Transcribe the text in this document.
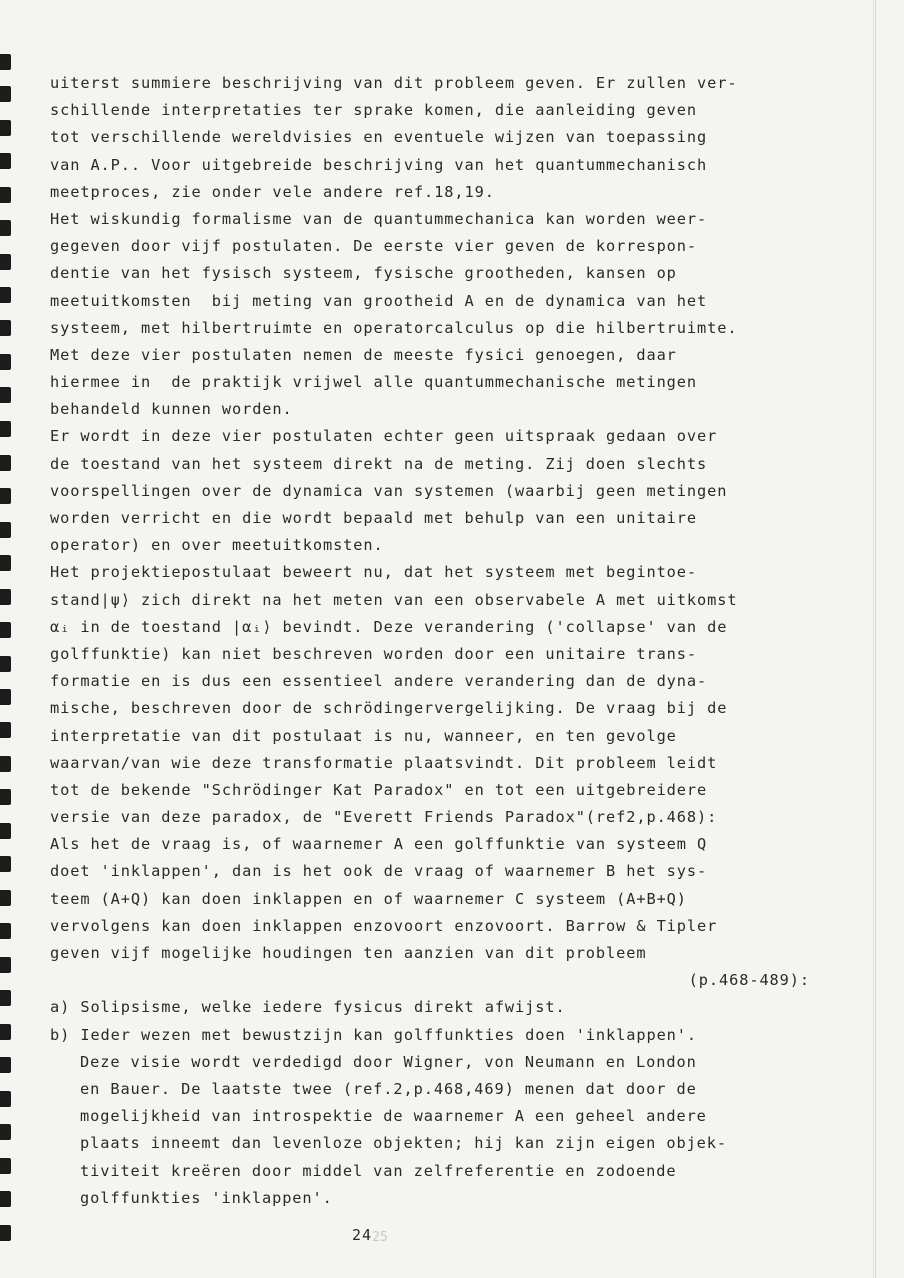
uiterst summiere beschrijving van dit probleem geven. Er zullen ver-
schillende interpretaties ter sprake komen, die aanleiding geven
tot verschillende wereldvisies en eventuele wijzen van toepassing
van A.P.. Voor uitgebreide beschrijving van het quantummechanisch
meetproces, zie onder vele andere ref.18,19.
Het wiskundig formalisme van de quantummechanica kan worden weer-
gegeven door vijf postulaten. De eerste vier geven de korrespon-
dentie van het fysisch systeem, fysische grootheden, kansen op
meetuitkomsten  bij meting van grootheid A en de dynamica van het
systeem, met hilbertruimte en operatorcalculus op die hilbertruimte.
Met deze vier postulaten nemen de meeste fysici genoegen, daar
hiermee in  de praktijk vrijwel alle quantummechanische metingen
behandeld kunnen worden.
Er wordt in deze vier postulaten echter geen uitspraak gedaan over
de toestand van het systeem direkt na de meting. Zij doen slechts
voorspellingen over de dynamica van systemen (waarbij geen metingen
worden verricht en die wordt bepaald met behulp van een unitaire
operator) en over meetuitkomsten.
Het projektiepostulaat beweert nu, dat het systeem met begintoe-
stand|ψ⟩ zich direkt na het meten van een observabele A met uitkomst
αᵢ in de toestand |αᵢ⟩ bevindt. Deze verandering ('collapse' van de
golffunktie) kan niet beschreven worden door een unitaire trans-
formatie en is dus een essentieel andere verandering dan de dyna-
mische, beschreven door de schrödingervergelijking. De vraag bij de
interpretatie van dit postulaat is nu, wanneer, en ten gevolge
waarvan/van wie deze transformatie plaatsvindt. Dit probleem leidt
tot de bekende "Schrödinger Kat Paradox" en tot een uitgebreidere
versie van deze paradox, de "Everett Friends Paradox"(ref2,p.468):
Als het de vraag is, of waarnemer A een golffunktie van systeem Q
doet 'inklappen', dan is het ook de vraag of waarnemer B het sys-
teem (A+Q) kan doen inklappen en of waarnemer C systeem (A+B+Q)
vervolgens kan doen inklappen enzovoort enzovoort. Barrow & Tipler
geven vijf mogelijke houdingen ten aanzien van dit probleem
(p.468-489):
a) Solipsisme, welke iedere fysicus direkt afwijst.
b) Ieder wezen met bewustzijn kan golffunkties doen 'inklappen'.
Deze visie wordt verdedigd door Wigner, von Neumann en London
en Bauer. De laatste twee (ref.2,p.468,469) menen dat door de
mogelijkheid van introspektie de waarnemer A een geheel andere
plaats inneemt dan levenloze objekten; hij kan zijn eigen objek-
tiviteit kreëren door middel van zelfreferentie en zodoende
golffunkties 'inklappen'.
25
24
